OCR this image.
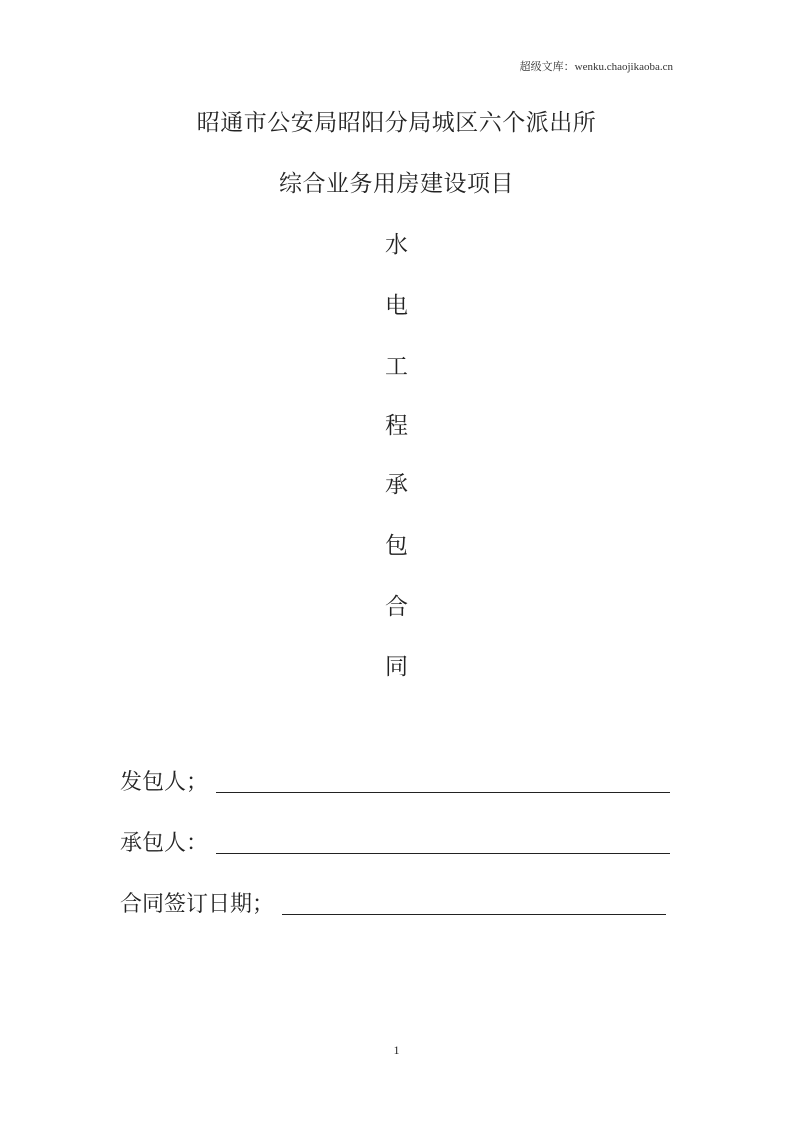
超级文库：wenku.chaojikaoba.cn
昭通市公安局昭阳分局城区六个派出所
综合业务用房建设项目
水
电
工
程
承
包
合
同
发包人；
承包人：
合同签订日期；
1
